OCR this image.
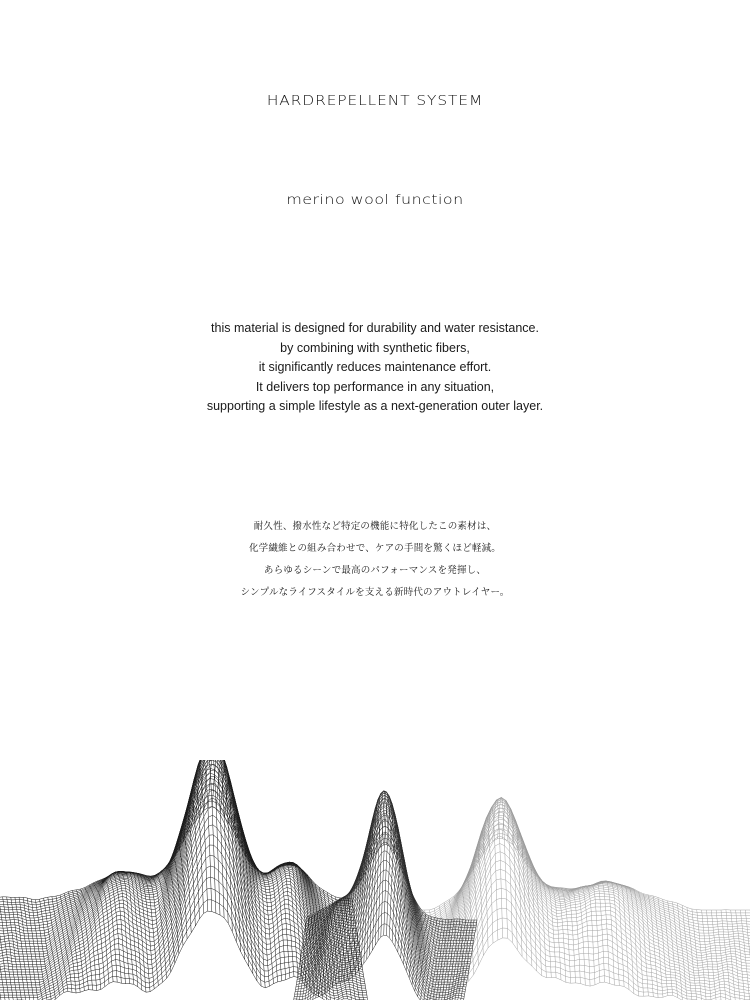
HARDREPELLENT SYSTEM
merino wool function
this material is designed for durability and water resistance.
by combining with synthetic fibers,
it significantly reduces maintenance effort.
It delivers top performance in any situation,
supporting a simple lifestyle as a next-generation outer layer.
耐久性、撥水性など特定の機能に特化したこの素材は、
化学繊維との組み合わせで、ケアの手間を驚くほど軽減。
あらゆるシーンで最高のパフォーマンスを発揮し、
シンプルなライフスタイルを支える新時代のアウトレイヤー。
